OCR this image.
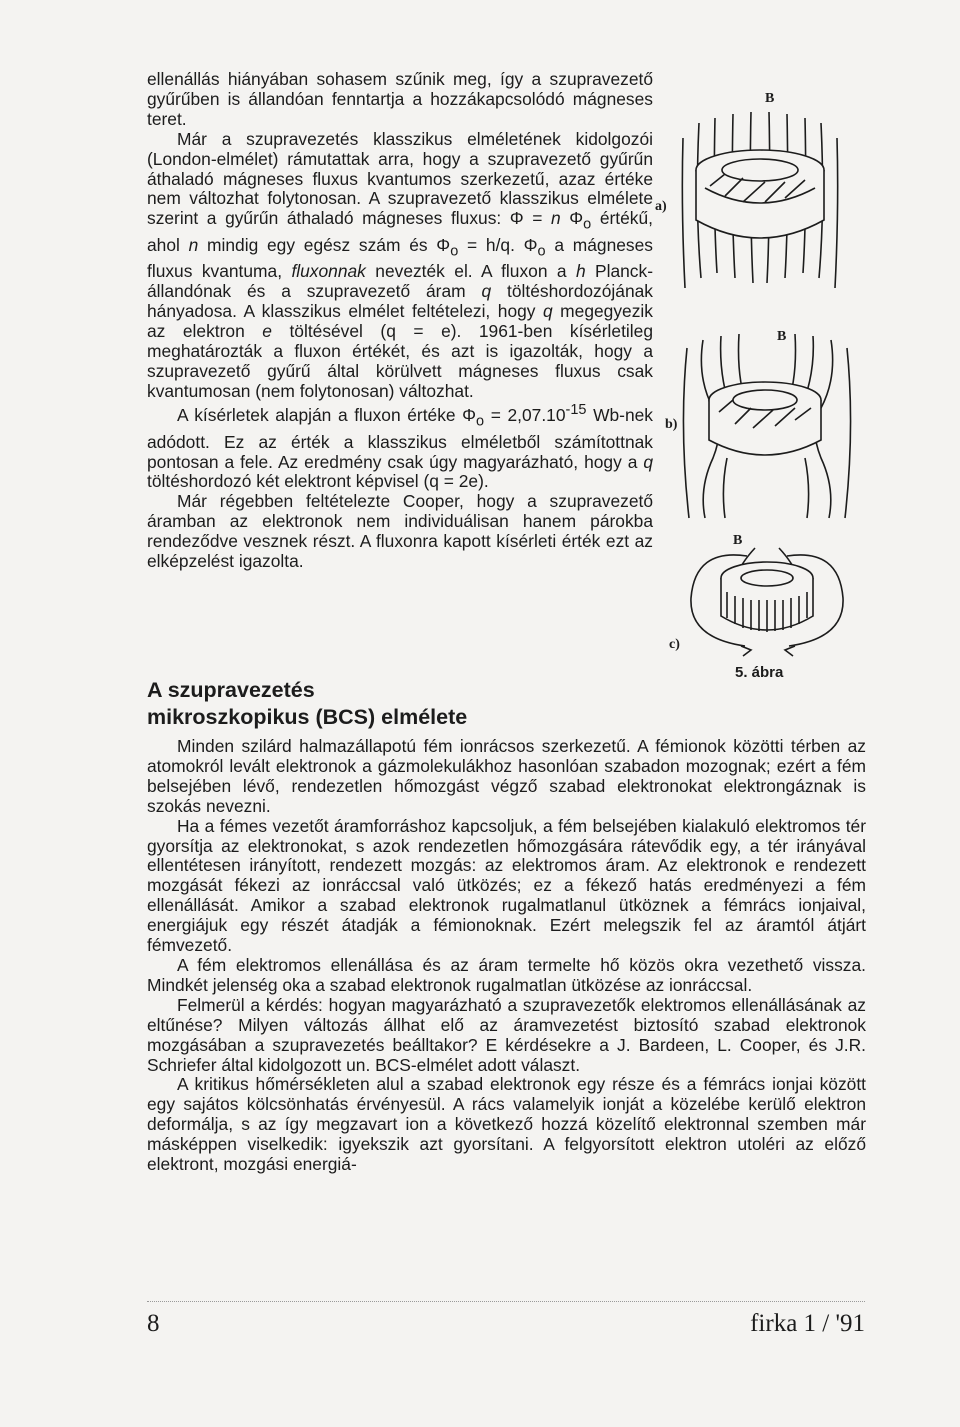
ellenállás hiányában sohasem szűnik meg, így a szupravezető gyűrűben is állandóan fenntartja a hozzákapcsolódó mágneses teret.

Már a szupravezetés klasszikus elméletének kidolgozói (London-elmélet) rámutattak arra, hogy a szupravezető gyűrűn áthaladó mágneses fluxus kvantumos szerkezetű, azaz értéke nem változhat folytonosan. A szupravezető klasszikus elmélete szerint a gyűrűn áthaladó mágneses fluxus: Φ = n $\Phi_o$ értékű, ahol n mindig egy egész szám és $\Phi_o = h/q$. $\Phi_o$ a mágneses fluxus kvantuma, fluxonnak nevezték el. A fluxon a h Planck-állandónak és a szupravezető áram q töltéshordozójának hányadosa. A klasszikus elmélet feltételezi, hogy q megegyezik az elektron e töltésével (q = e). 1961-ben kísérletileg meghatározták a fluxon értékét, és azt is igazolták, hogy a szupravezető gyűrű által körülvett mágneses fluxus csak kvantumosan (nem folytonosan) változhat.

A kísérletek alapján a fluxon értéke $\Phi_o = 2,07.10^{-15}$ Wb-nek adódott. Ez az érték a klasszikus elméletből számítottnak pontosan a fele. Az eredmény csak úgy magyarázható, hogy a q töltéshordozó két elektront képvisel (q = 2e).

Már régebben feltételezte Cooper, hogy a szupravezető áramban az elektronok nem individuálisan hanem párokba rendeződve vesznek részt. A fluxonra kapott kísérleti érték ezt az elképzelést igazolta.

a)
B
b)
B
c)
B
5. ábra
A szupravezetés
mikroszkopikus (BCS) elmélete

Minden szilárd halmazállapotú fém ionrácsos szerkezetű. A fémionok közötti térben az atomokról levált elektronok a gázmolekulákhoz hasonlóan szabadon mozognak; ezért a fém belsejében lévő, rendezetlen hőmozgást végző szabad elektronokat elektrongáznak is szokás nevezni.

Ha a fémes vezetőt áramforráshoz kapcsoljuk, a fém belsejében kialakuló elektromos tér gyorsítja az elektronokat, s azok rendezetlen hőmozgására rátevődik egy, a tér irányával ellentétesen irányított, rendezett mozgás: az elektromos áram. Az elektronok e rendezett mozgását fékezi az ionráccsal való ütközés; ez a fékező hatás eredményezi a fém ellenállását. Amikor a szabad elektronok rugalmatlanul ütköznek a fémrács ionjaival, energiájuk egy részét átadják a fémionoknak. Ezért melegszik fel az áramtól átjárt fémvezető.

A fém elektromos ellenállása és az áram termelte hő közös okra vezethető vissza. Mindkét jelenség oka a szabad elektronok rugalmatlan ütközése az ionráccsal.

Felmerül a kérdés: hogyan magyarázható a szupravezetők elektromos ellenállásának az eltűnése? Milyen változás állhat elő az áramvezetést biztosító szabad elektronok mozgásában a szupravezetés beálltakor? E kérdésekre a J. Bardeen, L. Cooper, és J.R. Schriefer által kidolgozott un. BCS-elmélet adott választ.

A kritikus hőmérsékleten alul a szabad elektronok egy része és a fémrács ionjai között egy sajátos kölcsönhatás érvényesül. A rács valamelyik ionját a közelébe kerülő elektron deformálja, s az így megzavart ion a következő hozzá közelítő elektronnal szemben már másképpen viselkedik: igyekszik azt gyorsítani. A felgyorsított elektron utoléri az előző elektront, mozgási energiá-

8	firka 1 / '91
